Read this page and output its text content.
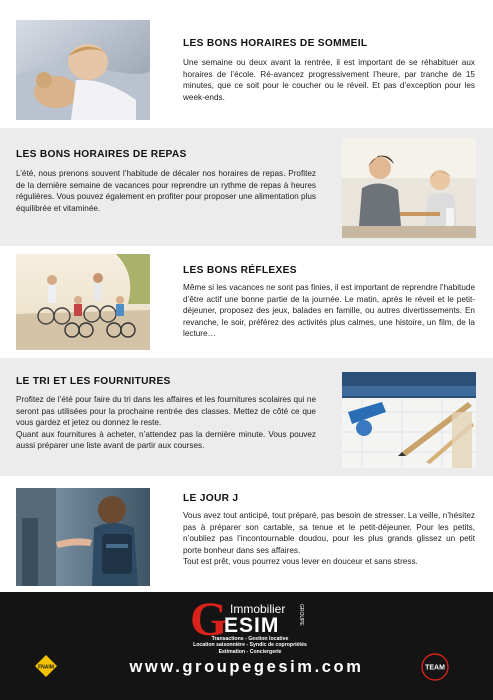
LES BONS HORAIRES DE SOMMEIL
Une semaine ou deux avant la rentrée, il est important de se réhabituer aux horaires de l’école. Ré-avancez progressivement l’heure, par tranche de 15 minutes, que ce soit pour le coucher ou le réveil. Et pas d’exception pour les week-ends.
LES BONS HORAIRES DE REPAS
L’été, nous prenons souvent l’habitude de décaler nos horaires de repas. Profitez de la dernière semaine de vacances pour reprendre un rythme de repas à heures régulières. Vous pouvez également en profiter pour proposer une alimentation plus équilibrée et vitaminée.
LES BONS RÉFLEXES
Même si les vacances ne sont pas finies, il est important de reprendre l’habitude d’être actif une bonne partie de la journée. Le matin, après le réveil et le petit-déjeuner, proposez des jeux, balades en famille, ou autres divertissements. En revanche, le soir, préférez des activités plus calmes, une histoire, un film, de la lecture…
LE TRI ET LES FOURNITURES

Profitez de l’été pour faire du tri dans les affaires et les fournitures scolaires qui ne seront pas utilisées pour la prochaine rentrée des classes. Mettez de côté ce que vous gardez et jetez ou donnez le reste.

Quant aux fournitures à acheter, n’attendez pas la dernière minute. Vous pouvez aussi préparer une liste avant de partir aux courses.

LE JOUR J

Vous avez tout anticipé, tout préparé, pas besoin de stresser. La veille, n’hésitez pas à préparer son cartable, sa tenue et le petit-déjeuner. Pour les petits, n’oubliez pas l’incontournable doudou, pour les plus grands glissez un petit porte bonheur dans ses affaires.

Tout est prêt, vous pourrez vous lever en douceur et sans stress.

G Immobilier
ESIM	GROUPE
Transactions - Gestion locative
Location saisonnière - Syndic de copropriétés
Estimation - Conciergerie
www.groupegesim.com
FNAIM	TEAM
